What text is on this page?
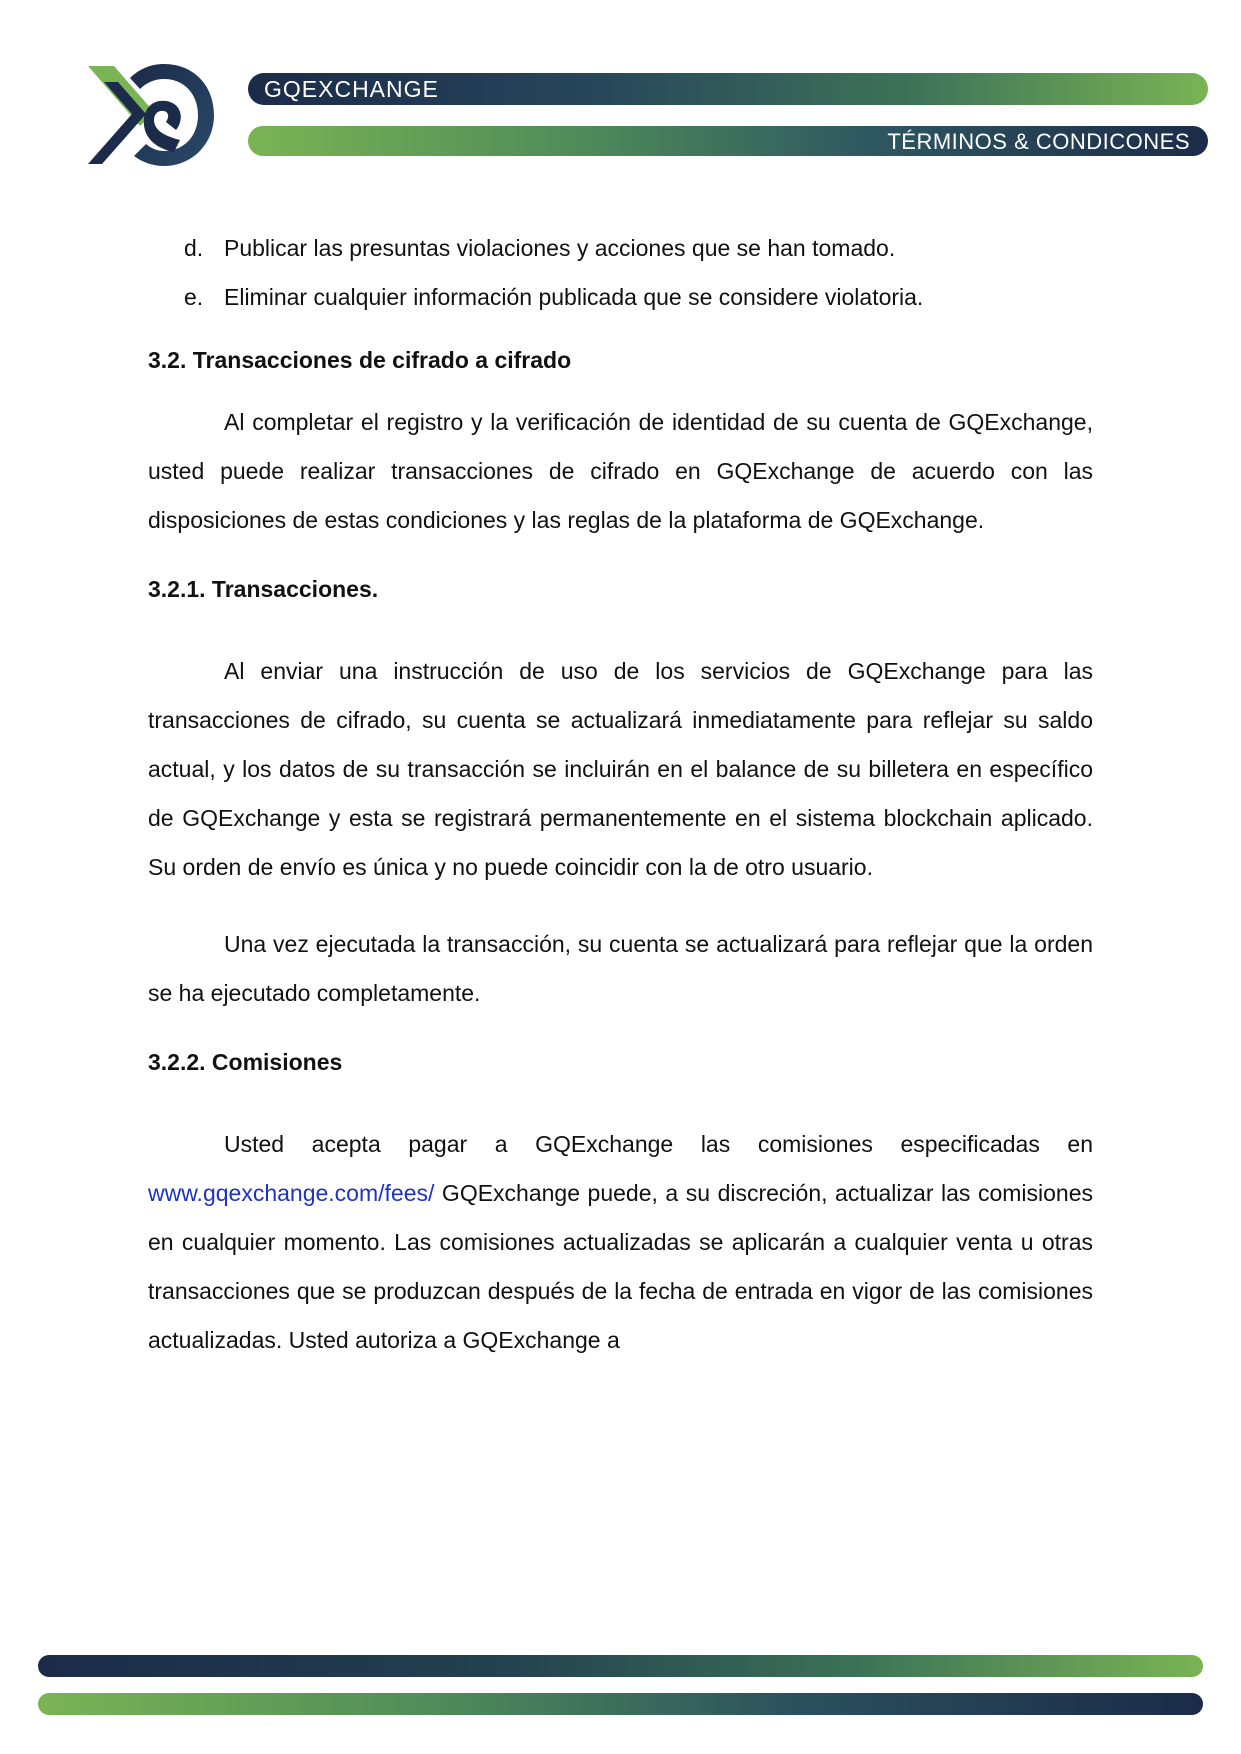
GQEXCHANGE
TÉRMINOS & CONDICONES
d. Publicar las presuntas violaciones y acciones que se han tomado.
e. Eliminar cualquier información publicada que se considere violatoria.
3.2. Transacciones de cifrado a cifrado

Al completar el registro y la verificación de identidad de su cuenta de GQExchange, usted puede realizar transacciones de cifrado en GQExchange de acuerdo con las disposiciones de estas condiciones y las reglas de la plataforma de GQExchange.

3.2.1. Transacciones.

Al enviar una instrucción de uso de los servicios de GQExchange para las transacciones de cifrado, su cuenta se actualizará inmediatamente para reflejar su saldo actual, y los datos de su transacción se incluirán en el balance de su billetera en específico de GQExchange y esta se registrará permanentemente en el sistema blockchain aplicado. Su orden de envío es única y no puede coincidir con la de otro usuario.

Una vez ejecutada la transacción, su cuenta se actualizará para reflejar que la orden se ha ejecutado completamente.

3.2.2. Comisiones

Usted acepta pagar a GQExchange las comisiones especificadas en www.gqexchange.com/fees/ GQExchange puede, a su discreción, actualizar las comisiones en cualquier momento. Las comisiones actualizadas se aplicarán a cualquier venta u otras transacciones que se produzcan después de la fecha de entrada en vigor de las comisiones actualizadas. Usted autoriza a GQExchange a
